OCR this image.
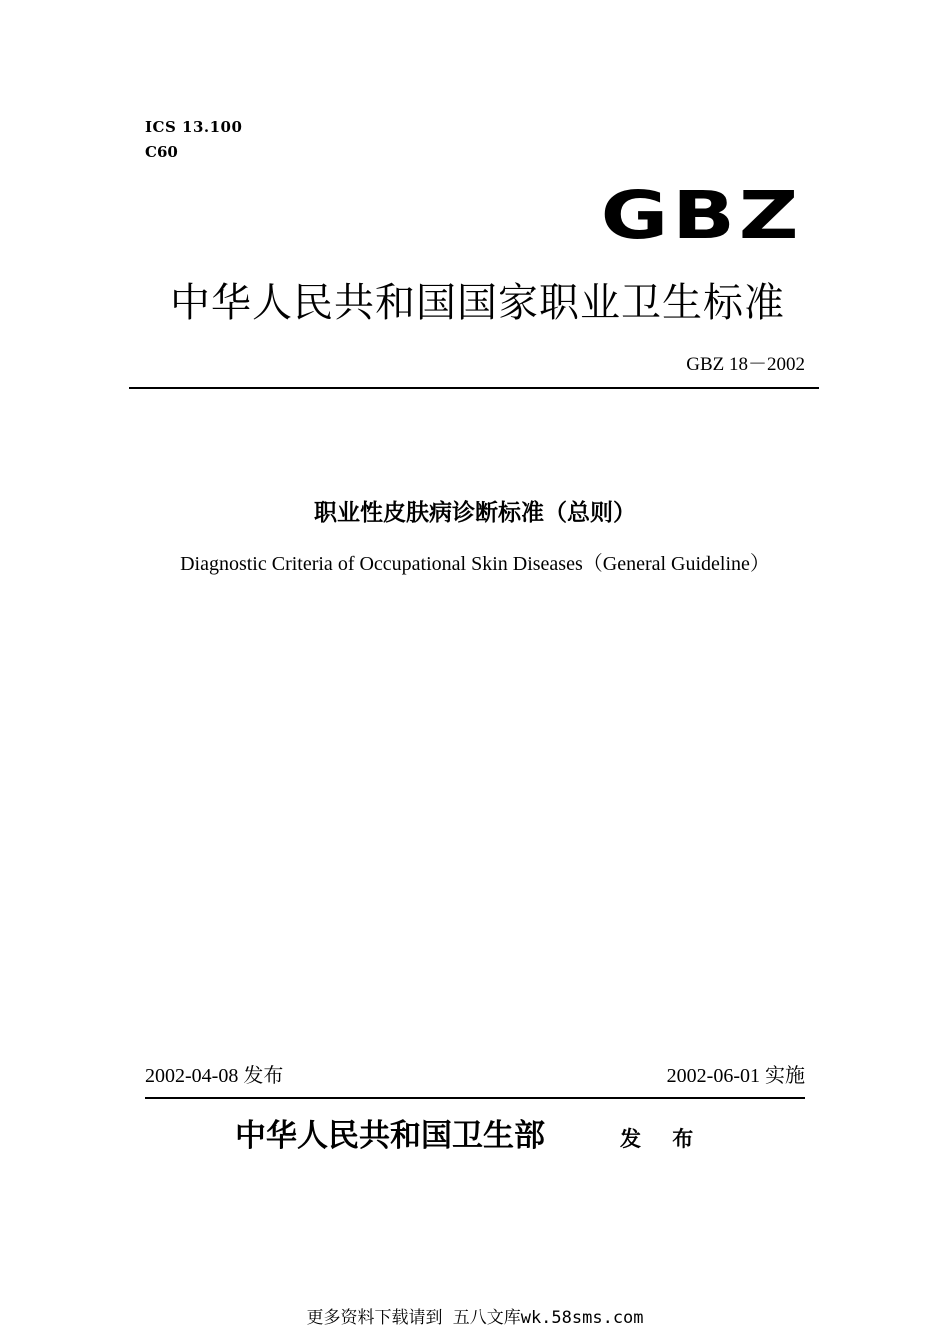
ICS 13.100
C60
GBZ
中华人民共和国国家职业卫生标准
GBZ 18－2002
职业性皮肤病诊断标准（总则）
Diagnostic Criteria of Occupational Skin Diseases（General Guideline）
2002-04-08 发布	2002-06-01 实施
中华人民共和国卫生部	发 布
更多资料下载请到 五八文库wk.58sms.com
